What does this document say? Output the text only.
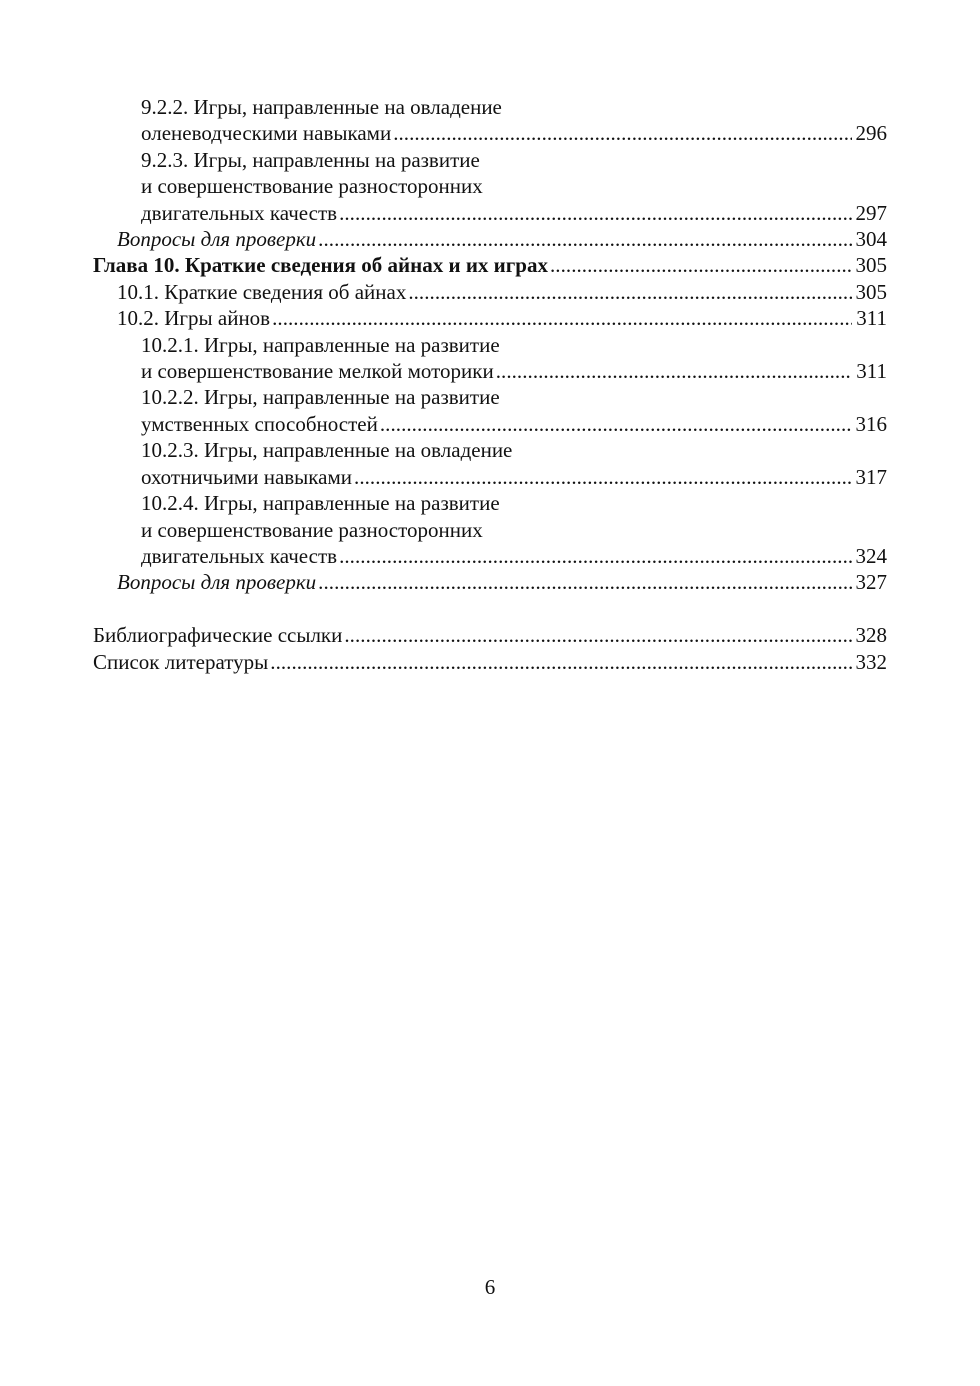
9.2.2. Игры, направленные на овладение
оленеводческими навыками . . .	296
9.2.3. Игры, направленны на развитие
и совершенствование разносторонних
двигательных качеств . . .	297
Вопросы для проверки . . .	304
Глава 10. Краткие сведения об айнах и их играх . . .	305
10.1. Краткие сведения об айнах . . .	305
10.2. Игры айнов . . .	311
10.2.1. Игры, направленные на развитие
и совершенствование мелкой моторики . . .	311
10.2.2. Игры, направленные на развитие
умственных способностей . . .	316
10.2.3. Игры, направленные на овладение
охотничьими навыками . . .	317
10.2.4. Игры, направленные на развитие
и совершенствование разносторонних
двигательных качеств . . .	324
Вопросы для проверки . . .	327
Библиографические ссылки . . .	328
Список литературы . . .	332
6
